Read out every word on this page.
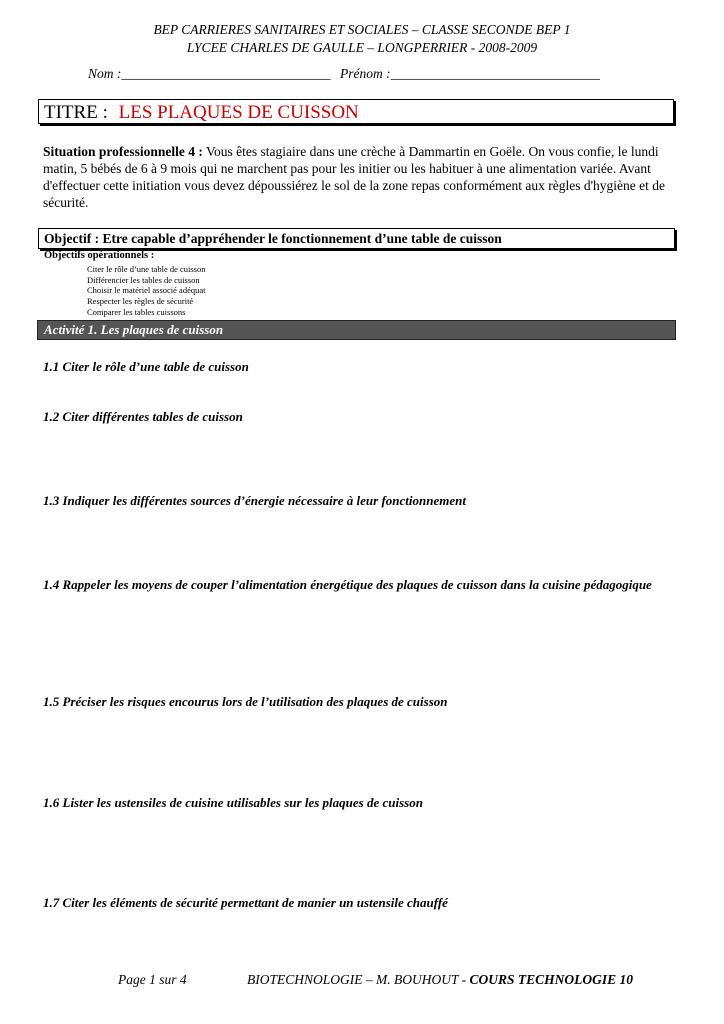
BEP CARRIERES SANITAIRES ET SOCIALES – CLASSE SECONDE BEP 1
LYCEE CHARLES DE GAULLE – LONGPERRIER - 2008-2009
Nom :_______________________________ Prénom :_______________________________
TITRE : LES PLAQUES DE CUISSON
Situation professionnelle 4 : Vous êtes stagiaire dans une crèche à Dammartin en Goële. On vous confie, le lundi matin, 5 bébés de 6 à 9 mois qui ne marchent pas pour les initier ou les habituer à une alimentation variée. Avant d'effectuer cette initiation vous devez dépoussiérez le sol de la zone repas conformément aux règles d'hygiène et de sécurité.
Objectif : Etre capable d’appréhender le fonctionnement d’une table de cuisson
Objectifs opérationnels :
Citer le rôle d’une table de cuisson
Différencier les tables de cuisson
Choisir le matériel associé adéquat
Respecter les règles de sécurité
Comparer les tables cuissons
Activité 1. Les plaques de cuisson
1.1 Citer le rôle d’une table de cuisson
1.2 Citer différentes tables de cuisson
1.3 Indiquer les différentes sources d’énergie nécessaire à leur fonctionnement
1.4 Rappeler les moyens de couper l’alimentation énergétique des plaques de cuisson dans la cuisine pédagogique
1.5 Préciser les risques encourus lors de l’utilisation des plaques de cuisson
1.6 Lister les ustensiles de cuisine utilisables sur les plaques de cuisson
1.7 Citer les éléments de sécurité permettant de manier un ustensile chauffé
Page 1 sur 4	BIOTECHNOLOGIE – M. BOUHOUT - COURS TECHNOLOGIE 10
